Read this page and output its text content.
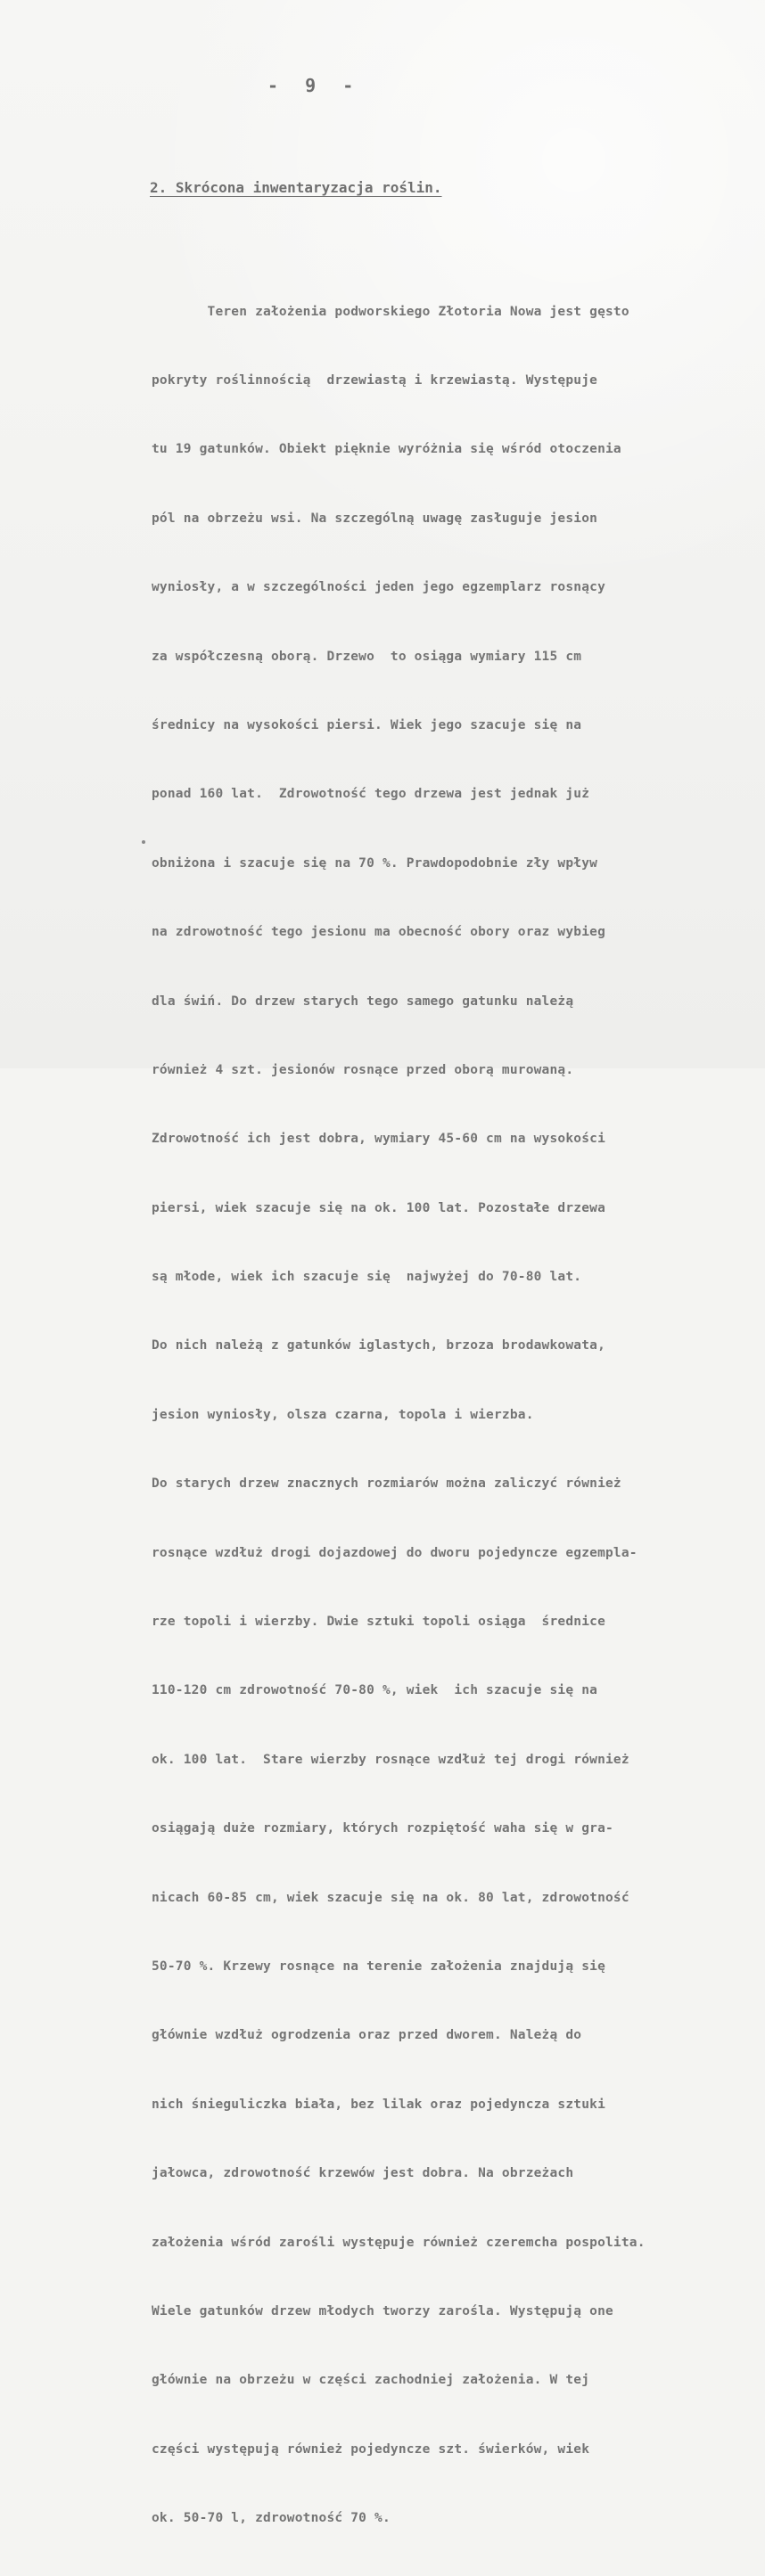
-  9  -
2. Skrócona inwentaryzacja roślin.

Teren założenia podworskiego Złotoria Nowa jest gęsto

pokryty roślinnością  drzewiastą i krzewiastą. Występuje

tu 19 gatunków. Obiekt pięknie wyróżnia się wśród otoczenia

pól na obrzeżu wsi. Na szczególną uwagę zasługuje jesion

wyniosły, a w szczególności jeden jego egzemplarz rosnący

za współczesną oborą. Drzewo  to osiąga wymiary 115 cm

średnicy na wysokości piersi. Wiek jego szacuje się na

ponad 160 lat.  Zdrowotność tego drzewa jest jednak już

obniżona i szacuje się na 70 %. Prawdopodobnie zły wpływ

na zdrowotność tego jesionu ma obecność obory oraz wybieg

dla świń. Do drzew starych tego samego gatunku należą

również 4 szt. jesionów rosnące przed oborą murowaną.

Zdrowotność ich jest dobra, wymiary 45-60 cm na wysokości

piersi, wiek szacuje się na ok. 100 lat. Pozostałe drzewa

są młode, wiek ich szacuje się  najwyżej do 70-80 lat.

Do nich należą z gatunków iglastych, brzoza brodawkowata,

jesion wyniosły, olsza czarna, topola i wierzba.

Do starych drzew znacznych rozmiarów można zaliczyć również

rosnące wzdłuż drogi dojazdowej do dworu pojedyncze egzempla-

rze topoli i wierzby. Dwie sztuki topoli osiąga  średnice

110-120 cm zdrowotność 70-80 %, wiek  ich szacuje się na

ok. 100 lat.  Stare wierzby rosnące wzdłuż tej drogi również

osiągają duże rozmiary, których rozpiętość waha się w gra-

nicach 60-85 cm, wiek szacuje się na ok. 80 lat, zdrowotność

50-70 %. Krzewy rosnące na terenie założenia znajdują się

głównie wzdłuż ogrodzenia oraz przed dworem. Należą do

nich śnieguliczka biała, bez lilak oraz pojedyncza sztuki

jałowca, zdrowotność krzewów jest dobra. Na obrzeżach

założenia wśród zarośli występuje również czeremcha pospolita.

Wiele gatunków drzew młodych tworzy zarośla. Występują one

głównie na obrzeżu w części zachodniej założenia. W tej

części występują również pojedyncze szt. świerków, wiek

ok. 50-70 l, zdrowotność 70 %.
